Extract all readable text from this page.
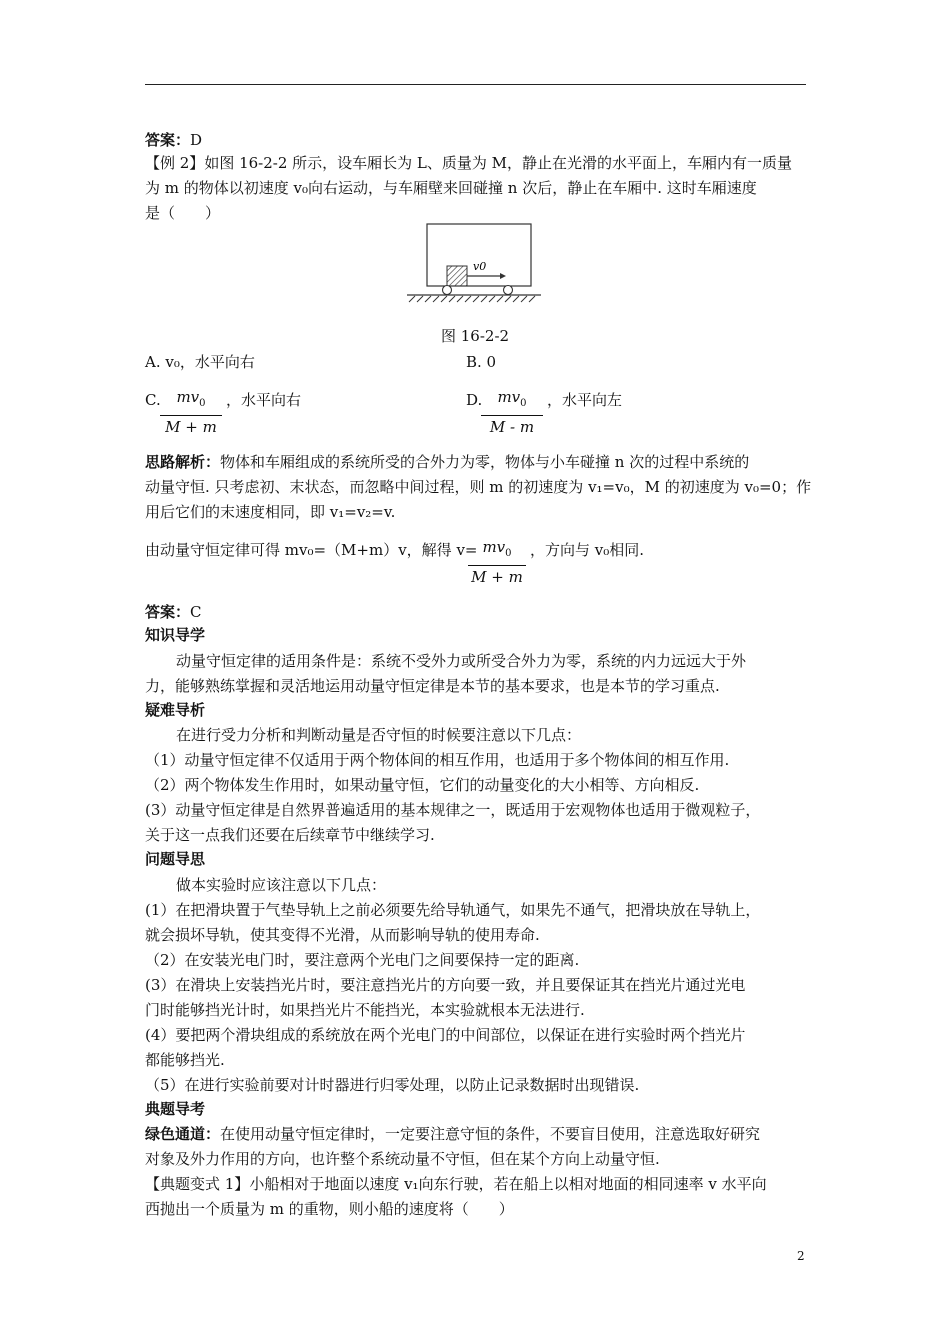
答案：D
【例 2】如图 16-2-2 所示，设车厢长为 L、质量为 M，静止在光滑的水平面上，车厢内有一质量
为 m 的物体以初速度 v₀向右运动，与车厢壁来回碰撞 n 次后，静止在车厢中. 这时车厢速度
是（　　）
v0
图 16-2-2
A. v₀，水平向右	B. 0
C. $\frac{mv_0}{M + m}$ ，水平向右	D.
$\frac{mv_0}{M - m}$ ，水平向左
思路解析：物体和车厢组成的系统所受的合外力为零，物体与小车碰撞 n 次的过程中系统的
动量守恒. 只考虑初、末状态，而忽略中间过程，则 m 的初速度为 v₁=v₀，M 的初速度为 v₀=0；作
用后它们的末速度相同，即 v₁=v₂=v.
由动量守恒定律可得 mv₀=（M+m）v，解得 v=
$\frac{mv_0}{M + m}$ ，方向与 v₀相同.
答案：C
知识导学
动量守恒定律的适用条件是：系统不受外力或所受合外力为零，系统的内力远远大于外
力，能够熟练掌握和灵活地运用动量守恒定律是本节的基本要求，也是本节的学习重点.
疑难导析
在进行受力分析和判断动量是否守恒的时候要注意以下几点：
（1）动量守恒定律不仅适用于两个物体间的相互作用，也适用于多个物体间的相互作用.
（2）两个物体发生作用时，如果动量守恒，它们的动量变化的大小相等、方向相反.
(3）动量守恒定律是自然界普遍适用的基本规律之一，既适用于宏观物体也适用于微观粒子，
关于这一点我们还要在后续章节中继续学习.
问题导思
做本实验时应该注意以下几点：
(1）在把滑块置于气垫导轨上之前必须要先给导轨通气，如果先不通气，把滑块放在导轨上，
就会损坏导轨，使其变得不光滑，从而影响导轨的使用寿命.
（2）在安装光电门时，要注意两个光电门之间要保持一定的距离.
(3）在滑块上安装挡光片时，要注意挡光片的方向要一致，并且要保证其在挡光片通过光电
门时能够挡光计时，如果挡光片不能挡光，本实验就根本无法进行.
(4）要把两个滑块组成的系统放在两个光电门的中间部位，以保证在进行实验时两个挡光片
都能够挡光.
（5）在进行实验前要对计时器进行归零处理，以防止记录数据时出现错误.
典题导考
绿色通道：在使用动量守恒定律时，一定要注意守恒的条件，不要盲目使用，注意选取好研究
对象及外力作用的方向，也许整个系统动量不守恒，但在某个方向上动量守恒.
【典题变式 1】小船相对于地面以速度 v₁向东行驶，若在船上以相对地面的相同速率 v 水平向
西抛出一个质量为 m 的重物，则小船的速度将（　　）
2
